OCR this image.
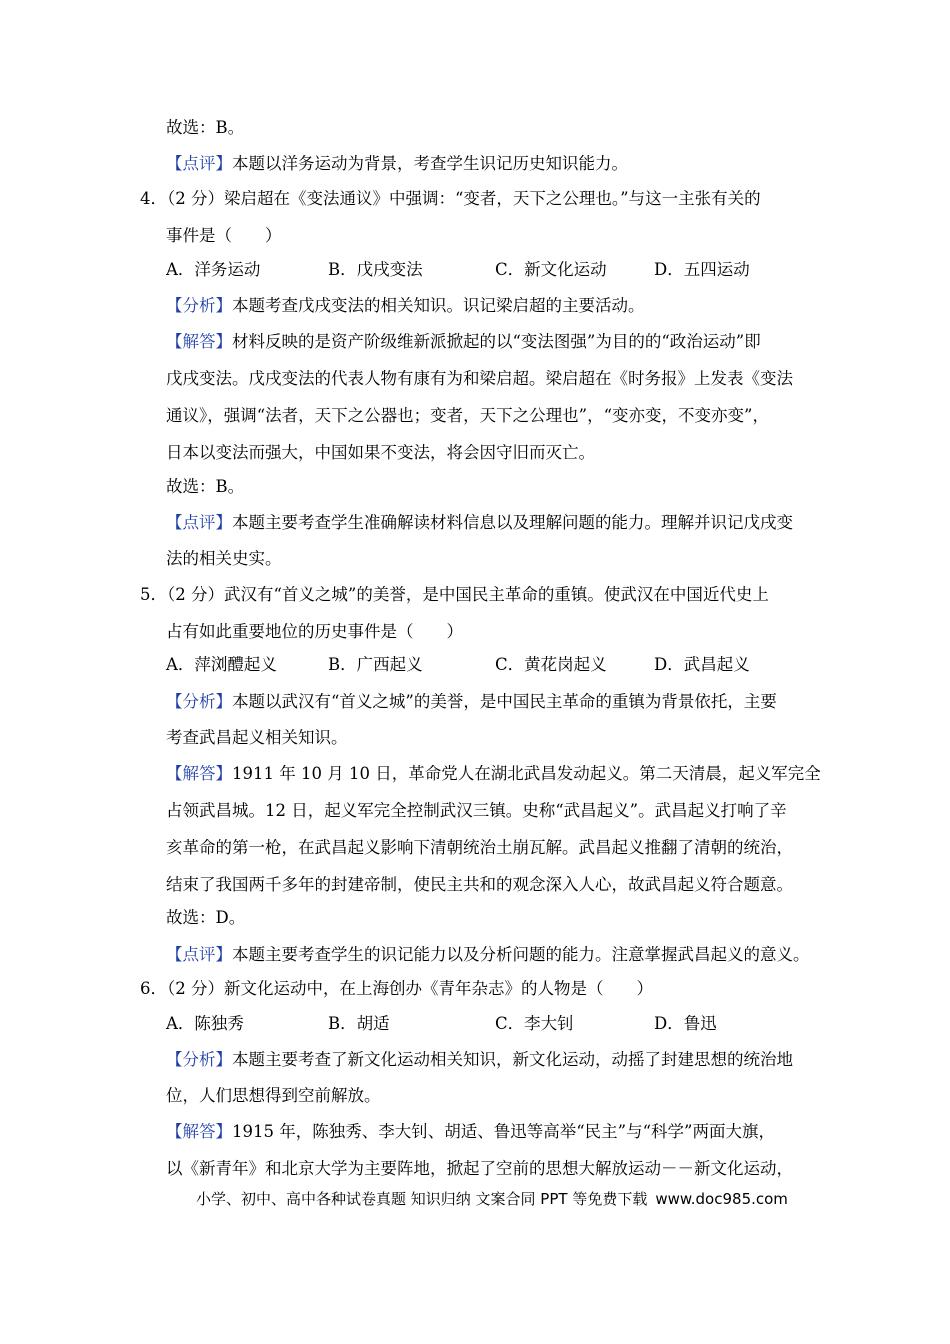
故选：B。
【点评】本题以洋务运动为背景，考查学生识记历史知识能力。
4．（2 分）梁启超在《变法通议》中强调：“变者，天下之公理也。”与这一主张有关的
事件是（　　）
A．洋务运动	B．戊戌变法	C．新文化运动	D．五四运动
【分析】本题考查戊戌变法的相关知识。识记梁启超的主要活动。
【解答】材料反映的是资产阶级维新派掀起的以“变法图强”为目的的“政治运动”即
戊戌变法。戊戌变法的代表人物有康有为和梁启超。梁启超在《时务报》上发表《变法
通议》，强调“法者，天下之公器也；变者，天下之公理也”，“变亦变，不变亦变”，
日本以变法而强大，中国如果不变法，将会因守旧而灭亡。
故选：B。
【点评】本题主要考查学生准确解读材料信息以及理解问题的能力。理解并识记戊戌变
法的相关史实。
5．（2 分）武汉有“首义之城”的美誉，是中国民主革命的重镇。使武汉在中国近代史上
占有如此重要地位的历史事件是（　　）
A．萍浏醴起义	B．广西起义	C．黄花岗起义	D．武昌起义
【分析】本题以武汉有“首义之城”的美誉，是中国民主革命的重镇为背景依托，主要
考查武昌起义相关知识。
【解答】1911 年 10 月 10 日，革命党人在湖北武昌发动起义。第二天清晨，起义军完全
占领武昌城。12 日，起义军完全控制武汉三镇。史称“武昌起义”。武昌起义打响了辛
亥革命的第一枪，在武昌起义影响下清朝统治土崩瓦解。武昌起义推翻了清朝的统治，
结束了我国两千多年的封建帝制，使民主共和的观念深入人心，故武昌起义符合题意。
故选：D。
【点评】本题主要考查学生的识记能力以及分析问题的能力。注意掌握武昌起义的意义。
6．（2 分）新文化运动中，在上海创办《青年杂志》的人物是（　　）
A．陈独秀	B．胡适	C．李大钊	D．鲁迅
【分析】本题主要考查了新文化运动相关知识，新文化运动，动摇了封建思想的统治地
位，人们思想得到空前解放。
【解答】1915 年，陈独秀、李大钊、胡适、鲁迅等高举“民主”与“科学”两面大旗，
以《新青年》和北京大学为主要阵地，掀起了空前的思想大解放运动－－新文化运动，
小学、初中、高中各种试卷真题 知识归纳 文案合同 PPT 等免费下载 www.doc985.com
